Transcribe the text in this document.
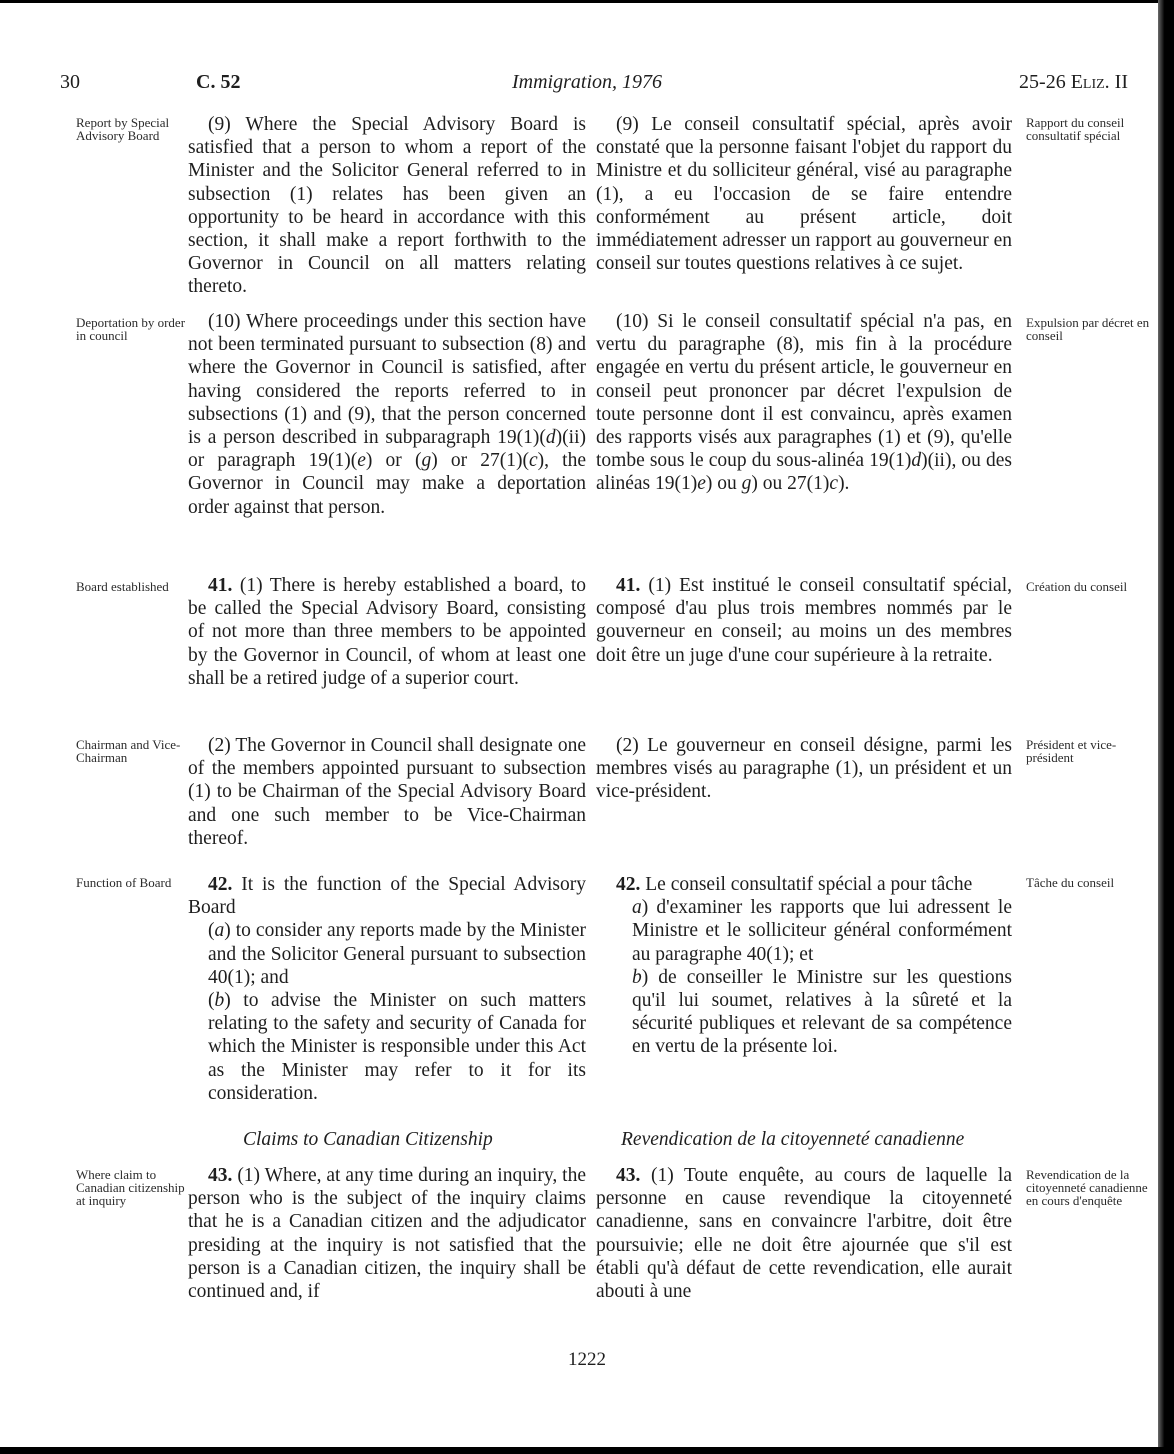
Immigration, 1976
30	C. 52	25-26 Eliz. II
Report by Special Advisory Board
Deportation by order in council
Board established
Chairman and Vice-Chairman
Function of Board
Where claim to Canadian citizenship at inquiry
Rapport du conseil consultatif spécial
Expulsion par décret en conseil
Création du conseil
Président et vice- président
Tâche du conseil
Revendication de la citoyenneté canadienne en cours d'enquête

(9) Where the Special Advisory Board is satisfied that a person to whom a report of the Minister and the Solicitor General referred to in subsection (1) relates has been given an opportunity to be heard in accordance with this section, it shall make a report forthwith to the Governor in Council on all matters relating thereto.

(9) Le conseil consultatif spécial, après avoir constaté que la personne faisant l'objet du rapport du Ministre et du solliciteur général, visé au paragraphe (1), a eu l'occasion de se faire entendre conformément au présent article, doit immédiatement adresser un rapport au gouverneur en conseil sur toutes questions relatives à ce sujet.

(10) Where proceedings under this section have not been terminated pursuant to subsection (8) and where the Governor in Council is satisfied, after having considered the reports referred to in subsections (1) and (9), that the person concerned is a person described in subparagraph 19(1)(d)(ii) or paragraph 19(1)(e) or (g) or 27(1)(c), the Governor in Council may make a deportation order against that person.

(10) Si le conseil consultatif spécial n'a pas, en vertu du paragraphe (8), mis fin à la procédure engagée en vertu du présent article, le gouverneur en conseil peut prononcer par décret l'expulsion de toute personne dont il est convaincu, après examen des rapports visés aux paragraphes (1) et (9), qu'elle tombe sous le coup du sous-alinéa 19(1)d)(ii), ou des alinéas 19(1)e) ou g) ou 27(1)c).

41. (1) There is hereby established a board, to be called the Special Advisory Board, consisting of not more than three members to be appointed by the Governor in Council, of whom at least one shall be a retired judge of a superior court.

41. (1) Est institué le conseil consultatif spécial, composé d'au plus trois membres nommés par le gouverneur en conseil; au moins un des membres doit être un juge d'une cour supérieure à la retraite.

(2) The Governor in Council shall designate one of the members appointed pursuant to subsection (1) to be Chairman of the Special Advisory Board and one such member to be Vice-Chairman thereof.

(2) Le gouverneur en conseil désigne, parmi les membres visés au paragraphe (1), un président et un vice-président.

42. It is the function of the Special Advisory Board

(a) to consider any reports made by the Minister and the Solicitor General pursuant to subsection 40(1); and

(b) to advise the Minister on such matters relating to the safety and security of Canada for which the Minister is responsible under this Act as the Minister may refer to it for its consideration.

42. Le conseil consultatif spécial a pour tâche

a) d'examiner les rapports que lui adressent le Ministre et le solliciteur général conformément au paragraphe 40(1); et

b) de conseiller le Ministre sur les questions qu'il lui soumet, relatives à la sûreté et la sécurité publiques et relevant de sa compétence en vertu de la présente loi.

Claims to Canadian Citizenship	Revendication de la citoyenneté canadienne

43. (1) Where, at any time during an inquiry, the person who is the subject of the inquiry claims that he is a Canadian citizen and the adjudicator presiding at the inquiry is not satisfied that the person is a Canadian citizen, the inquiry shall be continued and, if

43. (1) Toute enquête, au cours de laquelle la personne en cause revendique la citoyenneté canadienne, sans en convaincre l'arbitre, doit être poursuivie; elle ne doit être ajournée que s'il est établi qu'à défaut de cette revendication, elle aurait abouti à une

1222
